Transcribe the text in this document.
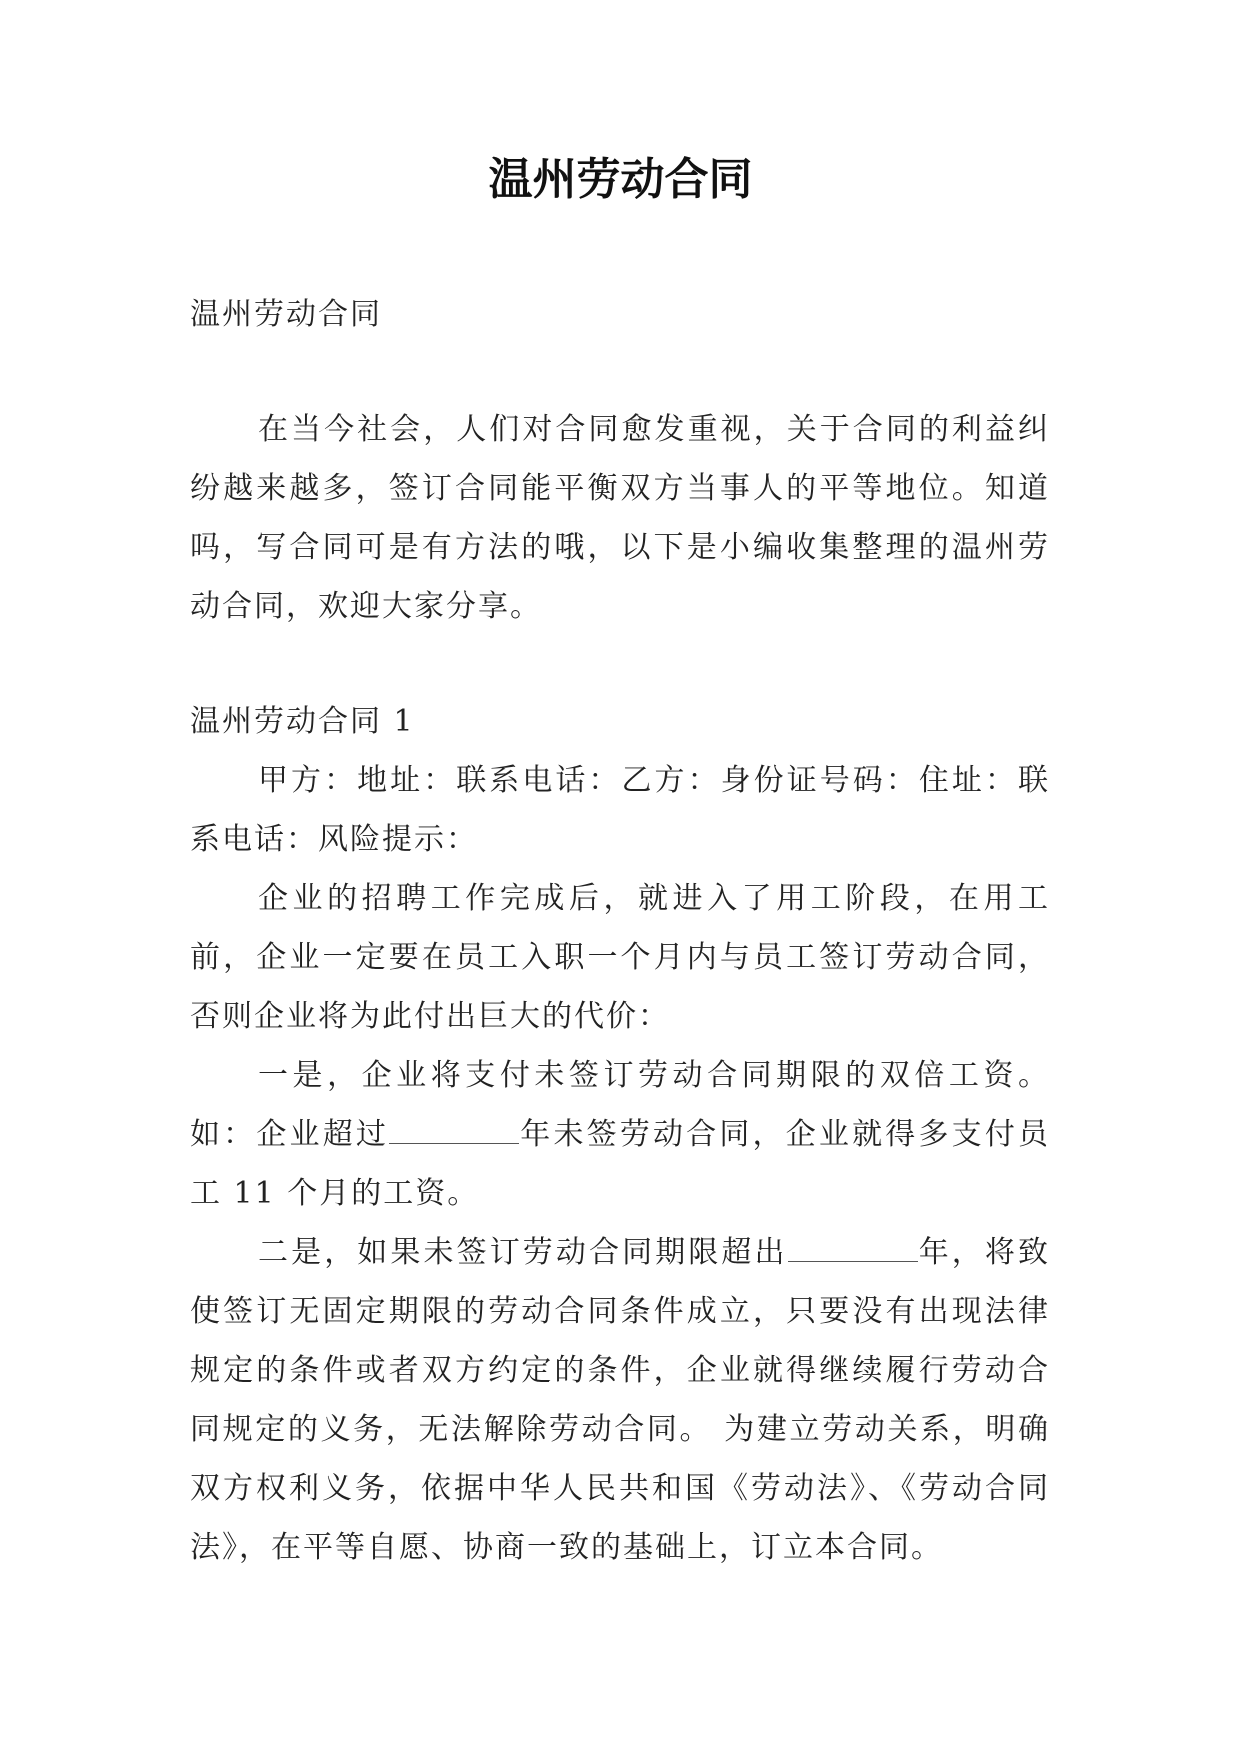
温州劳动合同

温州劳动合同

在当今社会，人们对合同愈发重视，关于合同的利益纠纷越来越多，签订合同能平衡双方当事人的平等地位。知道吗，写合同可是有方法的哦，以下是小编收集整理的温州劳动合同，欢迎大家分享。

温州劳动合同 1

甲方：地址：联系电话：乙方：身份证号码：住址：联系电话：风险提示：

企业的招聘工作完成后，就进入了用工阶段，在用工前，企业一定要在员工入职一个月内与员工签订劳动合同，否则企业将为此付出巨大的代价：

一是，企业将支付未签订劳动合同期限的双倍工资。如：企业超过	年未签劳动合同，企业就得多支付员工 11 个月的工资。

二是，如果未签订劳动合同期限超出	年，将致使签订无固定期限的劳动合同条件成立，只要没有出现法律规定的条件或者双方约定的条件，企业就得继续履行劳动合同规定的义务，无法解除劳动合同。 为建立劳动关系，明确双方权利义务，依据中华人民共和国《劳动法》、《劳动合同法》，在平等自愿、协商一致的基础上，订立本合同。
